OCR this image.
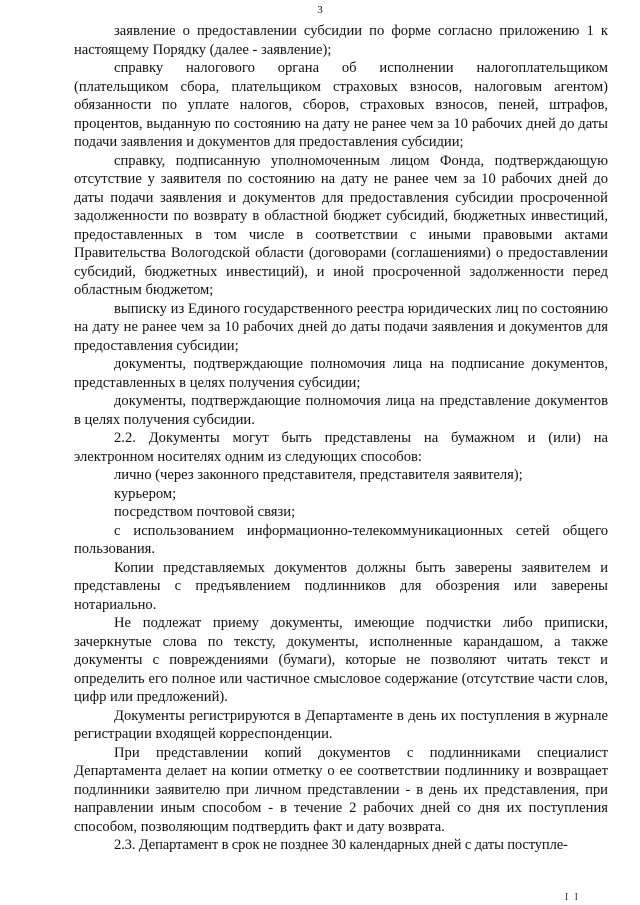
3

заявление о предоставлении субсидии по форме согласно приложению 1 к настоящему Порядку (далее - заявление);

справку налогового органа об исполнении налогоплательщиком (плательщиком сбора, плательщиком страховых взносов, налоговым агентом) обязанности по уплате налогов, сборов, страховых взносов, пеней, штрафов, процентов, выданную по состоянию на дату не ранее чем за 10 рабочих дней до даты подачи заявления и документов для предоставления субсидии;

справку, подписанную уполномоченным лицом Фонда, подтверждающую отсутствие у заявителя по состоянию на дату не ранее чем за 10 рабочих дней до даты подачи заявления и документов для предоставления субсидии просроченной задолженности по возврату в областной бюджет субсидий, бюджетных инвестиций, предоставленных в том числе в соответствии с иными правовыми актами Правительства Вологодской области (договорами (соглашениями) о предоставлении субсидий, бюджетных инвестиций), и иной просроченной задолженности перед областным бюджетом;

выписку из Единого государственного реестра юридических лиц по состоянию на дату не ранее чем за 10 рабочих дней до даты подачи заявления и документов для предоставления субсидии;

документы, подтверждающие полномочия лица на подписание документов, представленных в целях получения субсидии;

документы, подтверждающие полномочия лица на представление документов в целях получения субсидии.

2.2. Документы могут быть представлены на бумажном и (или) на электронном носителях одним из следующих способов:

лично (через законного представителя, представителя заявителя);

курьером;

посредством почтовой связи;

с использованием информационно-телекоммуникационных сетей общего пользования.

Копии представляемых документов должны быть заверены заявителем и представлены с предъявлением подлинников для обозрения или заверены нотариально.

Не подлежат приему документы, имеющие подчистки либо приписки, зачеркнутые слова по тексту, документы, исполненные карандашом, а также документы с повреждениями (бумаги), которые не позволяют читать текст и определить его полное или частичное смысловое содержание (отсутствие части слов, цифр или предложений).

Документы регистрируются в Департаменте в день их поступления в журнале регистрации входящей корреспонденции.

При представлении копий документов с подлинниками специалист Департамента делает на копии отметку о ее соответствии подлиннику и возвращает подлинники заявителю при личном представлении - в день их представления, при направлении иным способом - в течение 2 рабочих дней со дня их поступления способом, позволяющим подтвердить факт и дату возврата.

2.3. Департамент в срок не позднее 30 календарных дней с даты поступле-

I I
